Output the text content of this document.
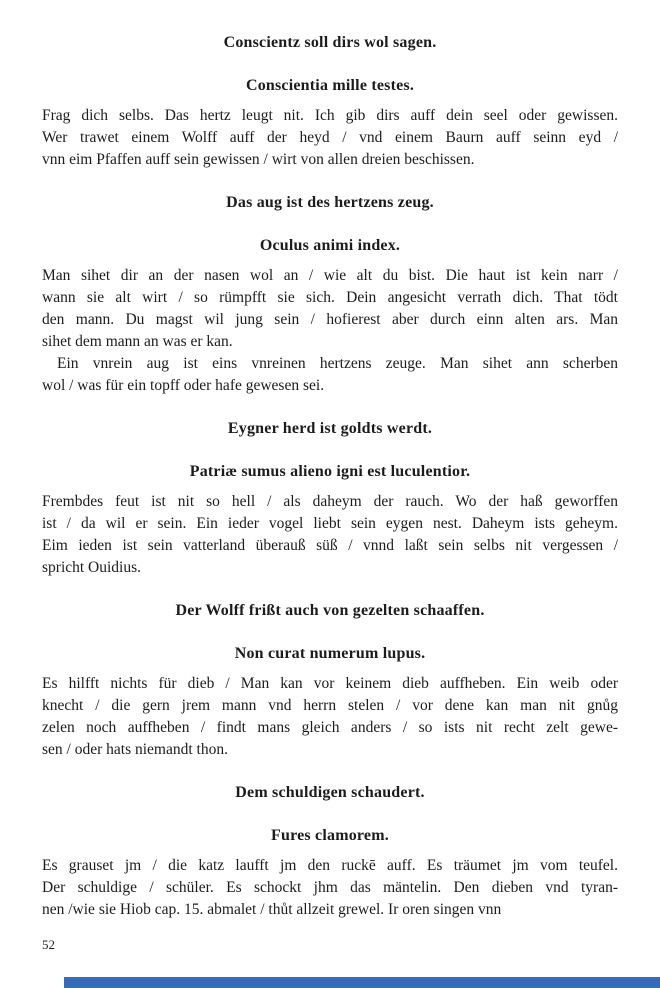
Conscientz soll dirs wol sagen.
Conscientia mille testes.
Frag dich selbs. Das hertz leugt nit. Ich gib dirs auff dein seel oder gewissen.
Wer trawet einem Wolff auff der heyd / vnd einem Baurn auff seinn eyd /
vnn eim Pfaffen auff sein gewissen / wirt von allen dreien beschissen.
Das aug ist des hertzens zeug.
Oculus animi index.
Man sihet dir an der nasen wol an / wie alt du bist. Die haut ist kein narr /
wann sie alt wirt / so rümpfft sie sich. Dein angesicht verrath dich. That tödt
den mann. Du magst wil jung sein / hofierest aber durch einn alten ars. Man
sihet dem mann an was er kan.
Ein vnrein aug ist eins vnreinen hertzens zeuge. Man sihet ann scherben
wol / was für ein topff oder hafe gewesen sei.
Eygner herd ist goldts werdt.
Patriæ sumus alieno igni est luculentior.
Frembdes feut ist nit so hell / als daheym der rauch. Wo der haß geworffen
ist / da wil er sein. Ein ieder vogel liebt sein eygen nest. Daheym ists geheym.
Eim ieden ist sein vatterland überauß süß / vnnd laßt sein selbs nit vergessen /
spricht Ouidius.
Der Wolff frißt auch von gezelten schaaffen.
Non curat numerum lupus.
Es hilfft nichts für dieb / Man kan vor keinem dieb auffheben. Ein weib oder
knecht / die gern jrem mann vnd herrn stelen / vor dene kan man nit gnůg
zelen noch auffheben / findt mans gleich anders / so ists nit recht zelt gewe-
sen / oder hats niemandt thon.
Dem schuldigen schaudert.
Fures clamorem.
Es grauset jm / die katz laufft jm den ruckē auff. Es träumet jm vom teufel.
Der schuldige / schüler. Es schockt jhm das mäntelin. Den dieben vnd tyran-
nen /wie sie Hiob cap. 15. abmalet / thůt allzeit grewel. Ir oren singen vnn
52
